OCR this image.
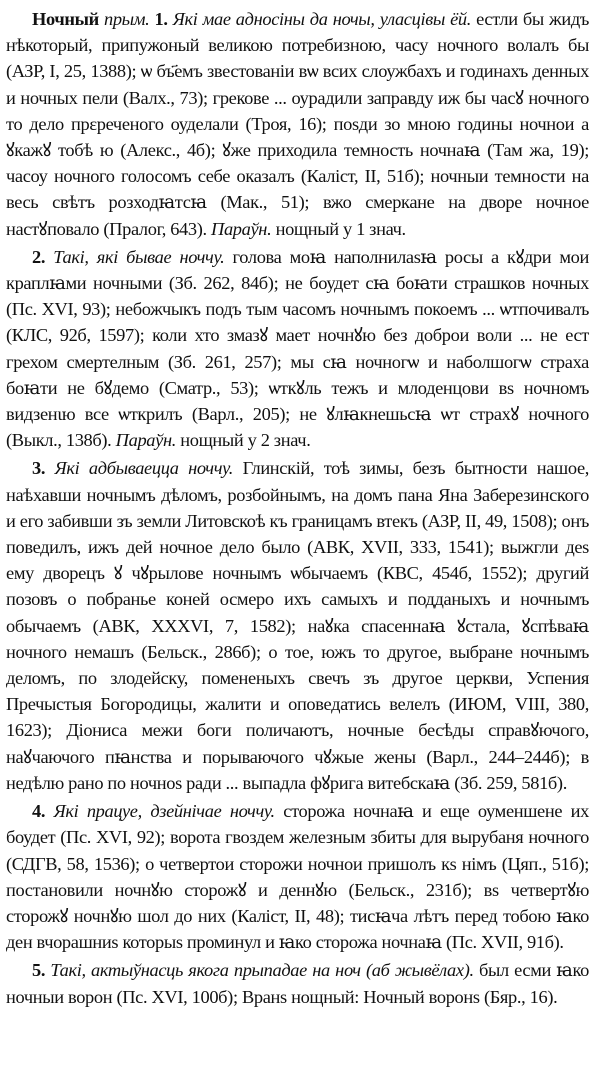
Ночный прым. 1. Які мае адносіны да ночы, уласцівы ёй. естли бы жидъ нѣкоторый, припужоный великою потребизною, часу ночного волалъ бы (АЗР, I, 25, 1388); ѡ бъ҃емъ звестованіи вѡ всих слоужбахъ и годинахъ денных и ночных пели (Валх., 73); грекове ... оурадили заправду иж бы часꙋ ночного то дело прεреченого оуделали (Троя, 16); поsди зо мною годины ночнои а ꙋкажꙋ тобѣ ю (Алекс., 4б); ꙋже приходила темность ночнаꙗ (Там жа, 19); часоу ночного голосомъ себе оказалъ (Каліст, II, 51б); ночныи темности на весь свѣтъ розходꙗтсꙗ (Мак., 51); вжо смеркане на дворе ночное настꙋповало (Пралог, 643). Параўн. нощный у 1 знач.

2. Такі, які бывае ноччу. голова моꙗ наполнилаѕꙗ росы а кꙋдри мои краплꙗми ночными (Зб. 262, 84б); не боудет сꙗ боꙗти страшков ночных (Пс. XVI, 93); небожчыкъ подъ тым часомъ ночнымъ покоемъ ... ѡтпочивалъ (КЛС, 92б, 1597); коли хто змазꙋ мает ночнꙋю без доброи воли ... не ест грехом смертелным (Зб. 261, 257); мы сꙗ ночногѡ и наболшогѡ страха боꙗти не бꙋдемо (Сматр., 53); ѡткꙋль тежъ и млоденцови вs ночномъ видзенιю все ѡткрилъ (Варл., 205); не ꙋлꙗкнешьсꙗ ѡт страхꙋ ночного (Выкл., 138б). Параўн. нощный у 2 знач.

3. Які адбываецца ноччу. Глинскій, тоѣ зимы, безъ бытности нашое, наѣхавши ночнымъ дѣломъ, розбойнымъ, на домъ пана Яна Заберезинского и его забивши зъ земли Литовскоѣ къ границамъ втекъ (АЗР, II, 49, 1508); онъ поведилъ, ижъ дей ночное дело было (АВК, XVII, 333, 1541); выжгли деs ему дворецъ ꙋ чꙋрылове ночнымъ ѡбычаемъ (КВС, 454б, 1552); другий позовъ о побранье коней осмеро ихъ самыхъ и подданыхъ и ночнымъ обычаемъ (АВК, XXXVI, 7, 1582); наꙋка спасеннаꙗ ꙋстала, ꙋспѣваꙗ ночного немашъ (Бельск., 286б); о тое, южъ то другое, выбране ночнымъ деломъ, по злодейску, помененыхъ свечъ зъ другое церкви, Успения Пречыстыя Богородицы, жалити и оповедатись велелъ (ИЮМ, VIII, 380, 1623); Діониса межи боги поличаютъ, ночные бесѣды справꙋючого, наꙋчаючого пꙗнства и порываючого чꙋжые жены (Варл., 244–244б); в недѣлю рано по ночноѕ ради ... выпадла фꙋрига витебскаꙗ (Зб. 259, 581б).

4. Які працуе, дзейнічае ноччу. сторожа ночнаꙗ и еще оуменшене их боудет (Пс. XVI, 92); ворота гвоздем железным збиты для вырубаня ночного (СДГВ, 58, 1536); о четвертои сторожи ночнои пришолъ кs німъ (Цяп., 51б); постановили ночнꙋю сторожꙋ и деннꙋю (Бельск., 231б); вs четвертꙋю сторожꙋ ночнꙋю шол до них (Каліст, II, 48); тисꙗча лѣтъ перед тобою ꙗко ден вчорашниs которыs проминул и ꙗко сторожа ночнаꙗ (Пс. XVII, 91б).

5. Такі, актыўнасць якога прыпадае на ноч (аб жывёлах). был есми ꙗко ночныи ворон (Пс. XVI, 100б); Вранs нощный: Ночный воронs (Бяр., 16).
